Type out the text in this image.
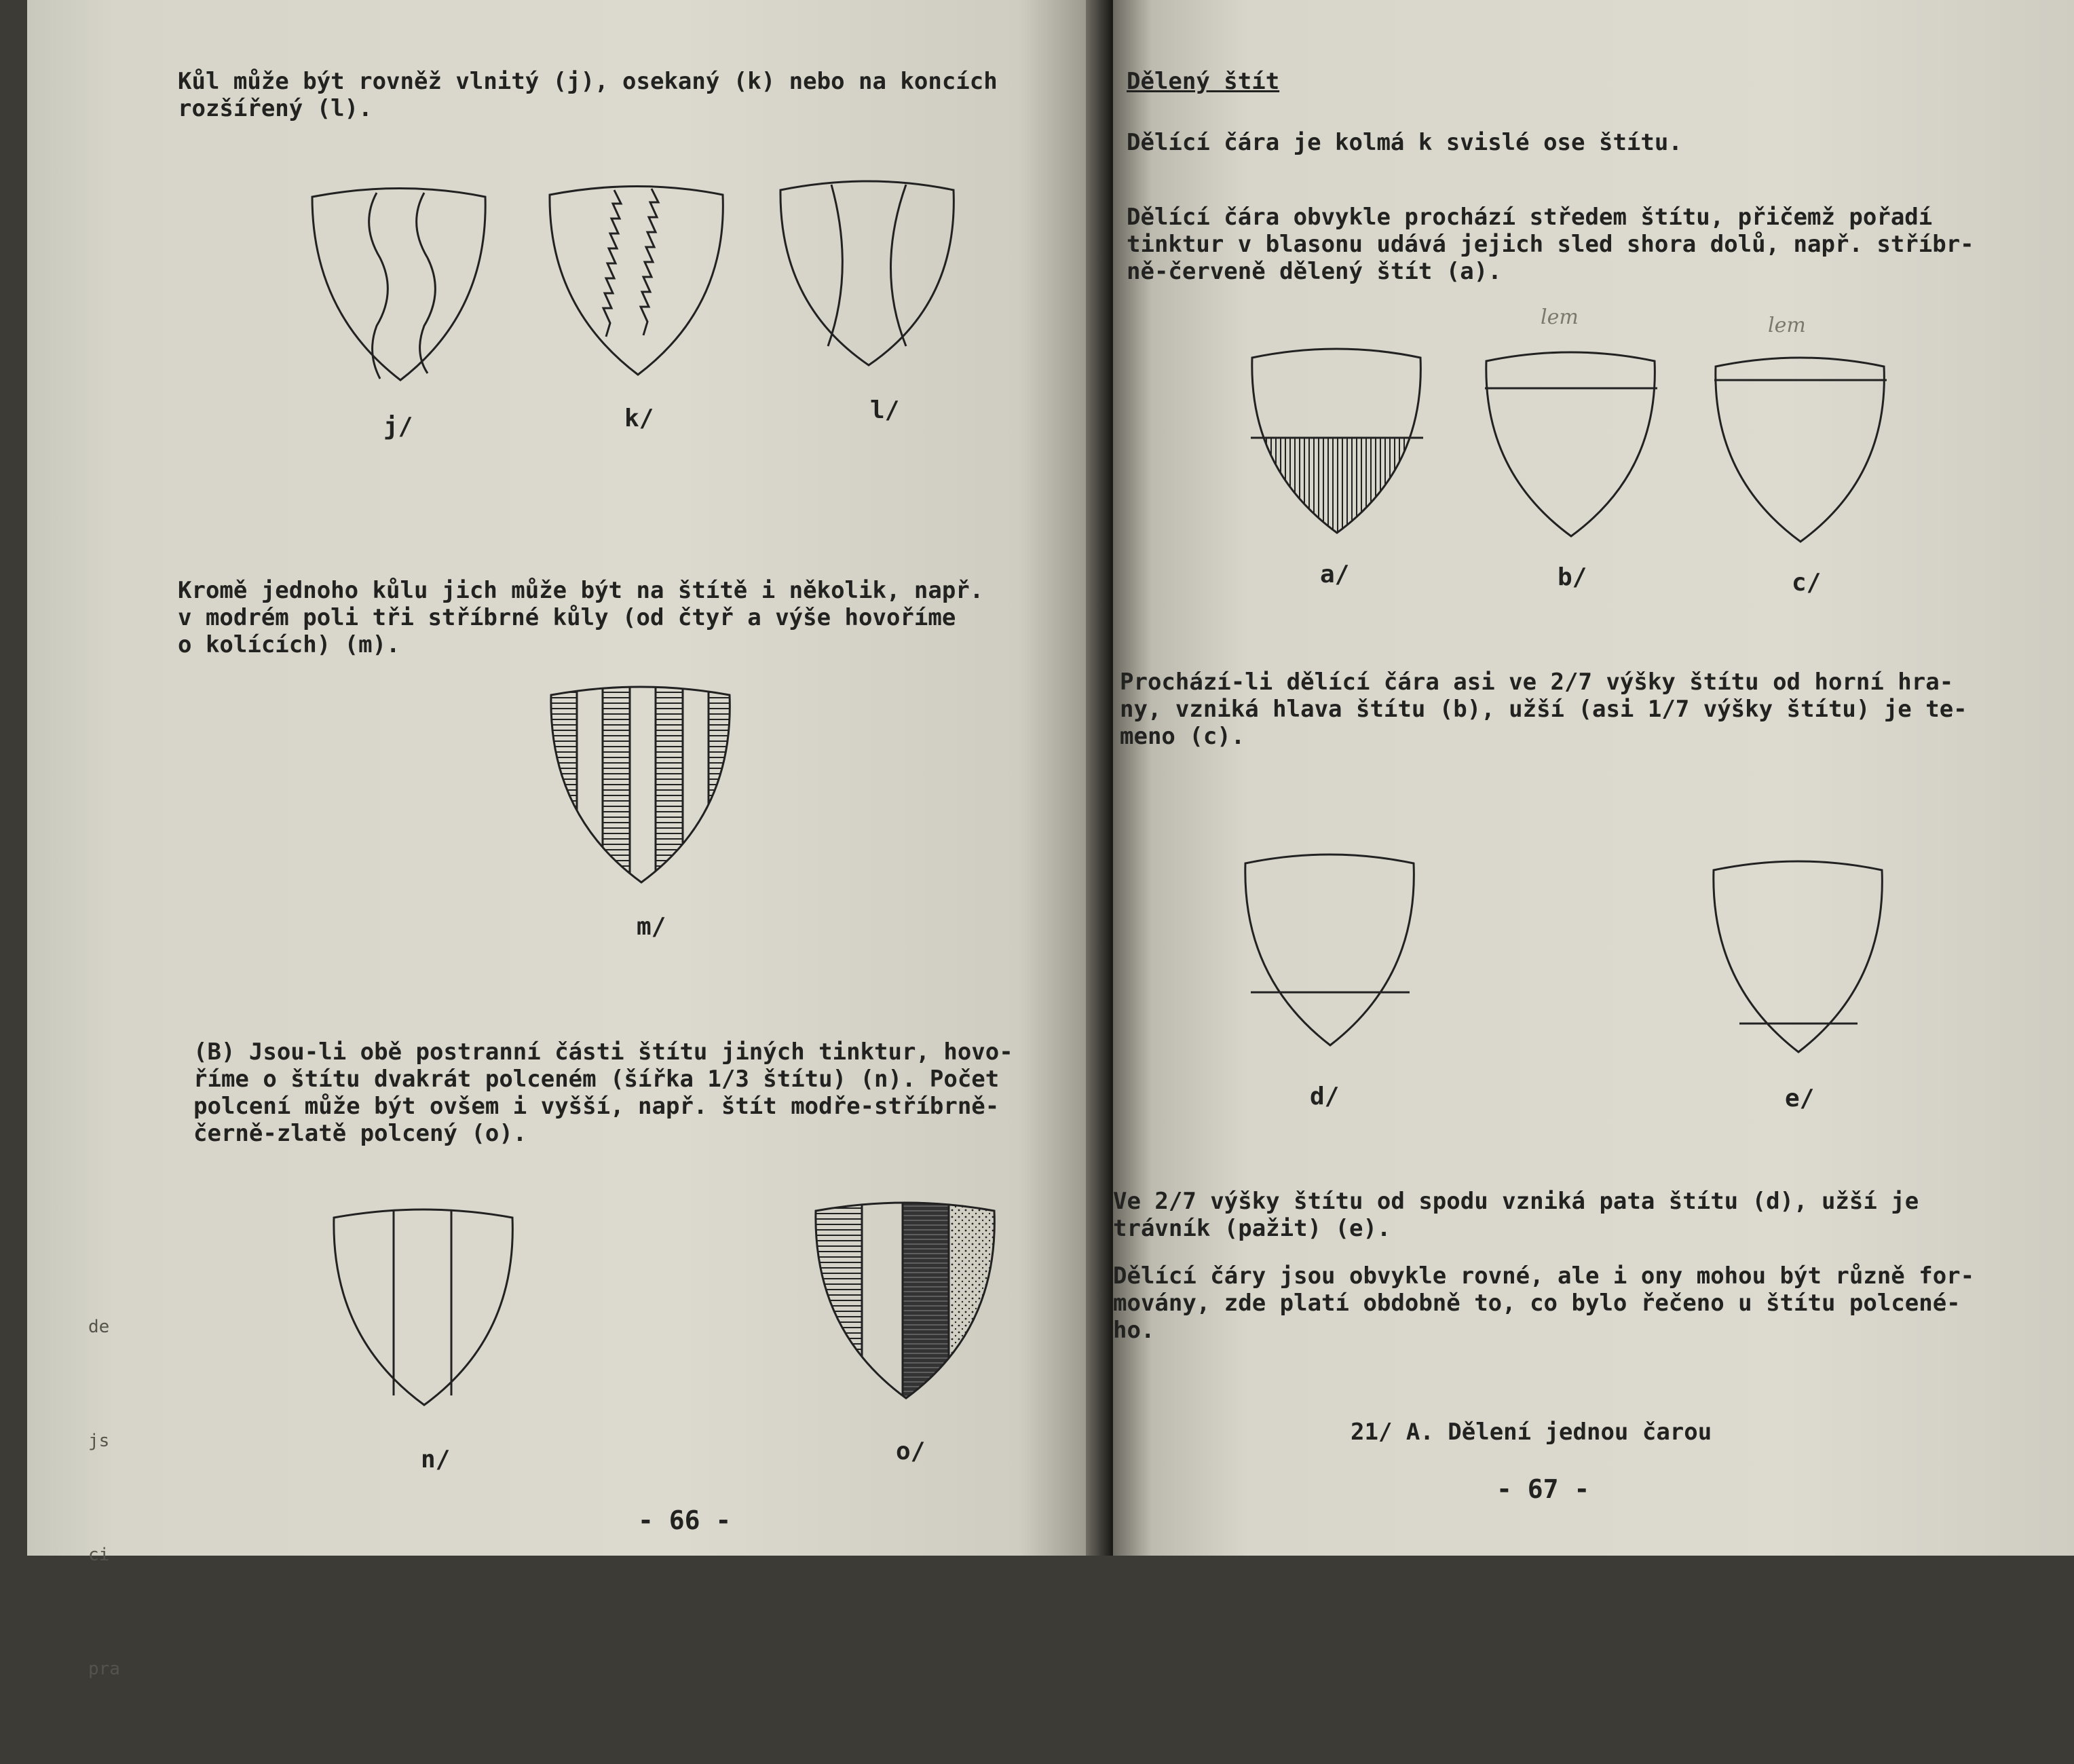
Kůl může být rovněž vlnitý (j), osekaný (k) nebo na koncích
rozšířený (l).
j/	k/	l/
Kromě jednoho kůlu jich může být na štítě i několik, např.
v modrém poli tři stříbrné kůly (od čtyř a výše hovoříme
o kolících) (m).
m/
(B) Jsou-li obě postranní části štítu jiných tinktur, hovo-
říme o štítu dvakrát polceném (šířka 1/3 štítu) (n). Počet
polcení může být ovšem i vyšší, např. štít modře-stříbrně-
černě-zlatě polcený (o).
n/	o/

de

js

ci

pra

- 66 -
Dělený štít
Dělící čára je kolmá k svislé ose štítu.
Dělící čára obvykle prochází středem štítu, přičemž pořadí
tinktur v blasonu udává jejich sled shora dolů, např. stříbr-
ně-červeně dělený štít (a).
lem	lem
a/	b/	c/
Prochází-li dělící čára asi ve 2/7 výšky štítu od horní hra-
ny, vzniká hlava štítu (b), užší (asi 1/7 výšky štítu) je te-
meno (c).
d/	e/
Ve 2/7 výšky štítu od spodu vzniká pata štítu (d), užší je
trávník (pažit) (e).
Dělící čáry jsou obvykle rovné, ale i ony mohou být různě for-
movány, zde platí obdobně to, co bylo řečeno u štítu polcené-
ho.
21/ A. Dělení jednou čarou
- 67 -
